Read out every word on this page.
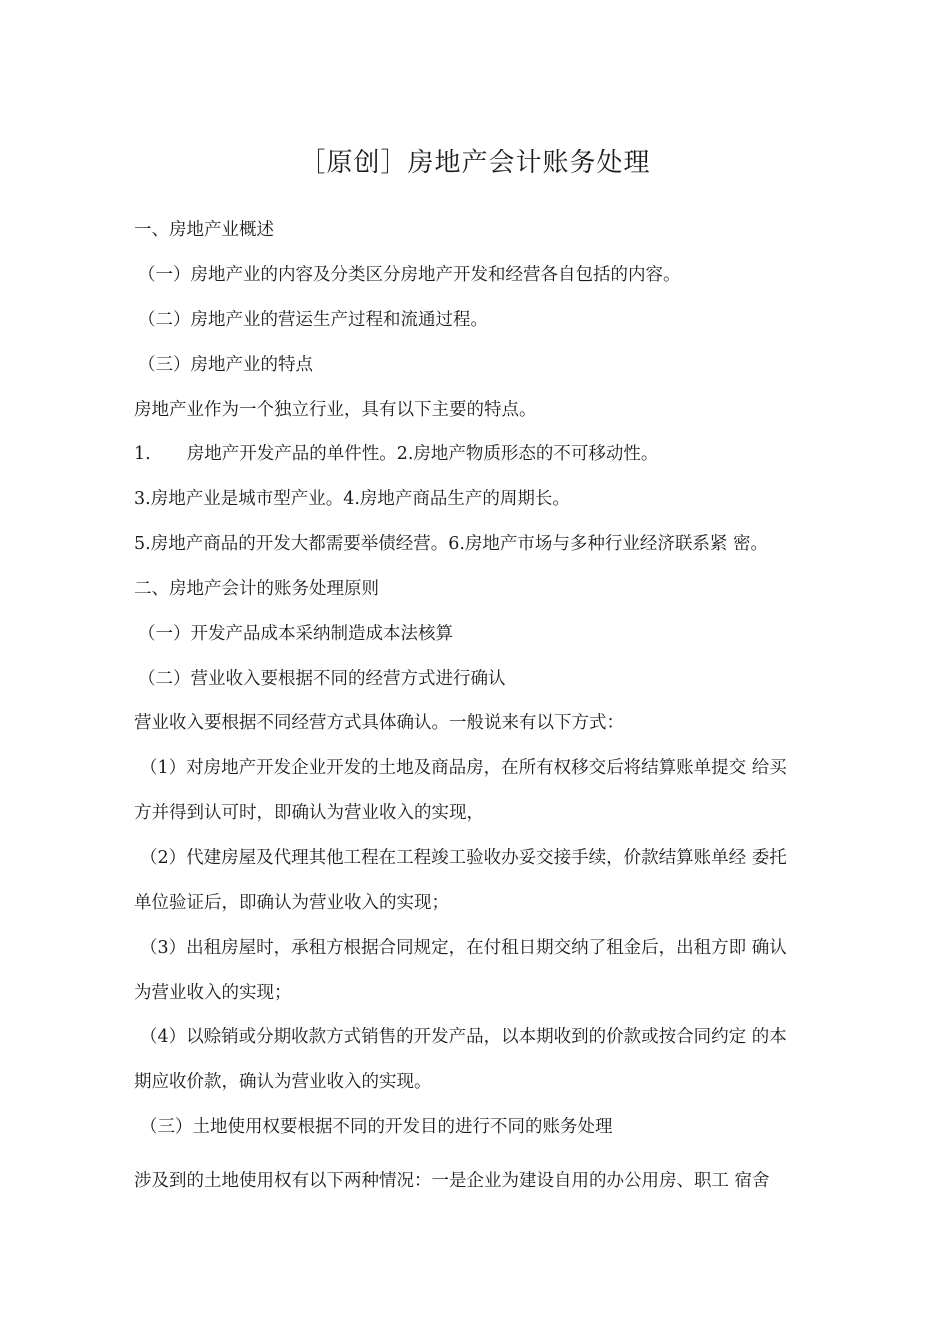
［原创］房地产会计账务处理

一、房地产业概述

（一）房地产业的内容及分类区分房地产开发和经营各自包括的内容。

（二）房地产业的营运生产过程和流通过程。

（三）房地产业的特点

房地产业作为一个独立行业，具有以下主要的特点。

1. 房地产开发产品的单件性。2.房地产物质形态的不可移动性。

3.房地产业是城市型产业。4.房地产商品生产的周期长。

5.房地产商品的开发大都需要举债经营。6.房地产市场与多种行业经济联系紧 密。

二、房地产会计的账务处理原则

（一）开发产品成本采纳制造成本法核算

（二）营业收入要根据不同的经营方式进行确认

营业收入要根据不同经营方式具体确认。一般说来有以下方式：

（1）对房地产开发企业开发的土地及商品房，在所有权移交后将结算账单提交 给买

方并得到认可时，即确认为营业收入的实现，

（2）代建房屋及代理其他工程在工程竣工验收办妥交接手续，价款结算账单经 委托

单位验证后，即确认为营业收入的实现；

（3）出租房屋时，承租方根据合同规定，在付租日期交纳了租金后，出租方即 确认

为营业收入的实现；

（4）以赊销或分期收款方式销售的开发产品，以本期收到的价款或按合同约定 的本

期应收价款，确认为营业收入的实现。

（三）土地使用权要根据不同的开发目的进行不同的账务处理

涉及到的土地使用权有以下两种情况：一是企业为建设自用的办公用房、职工 宿舍
